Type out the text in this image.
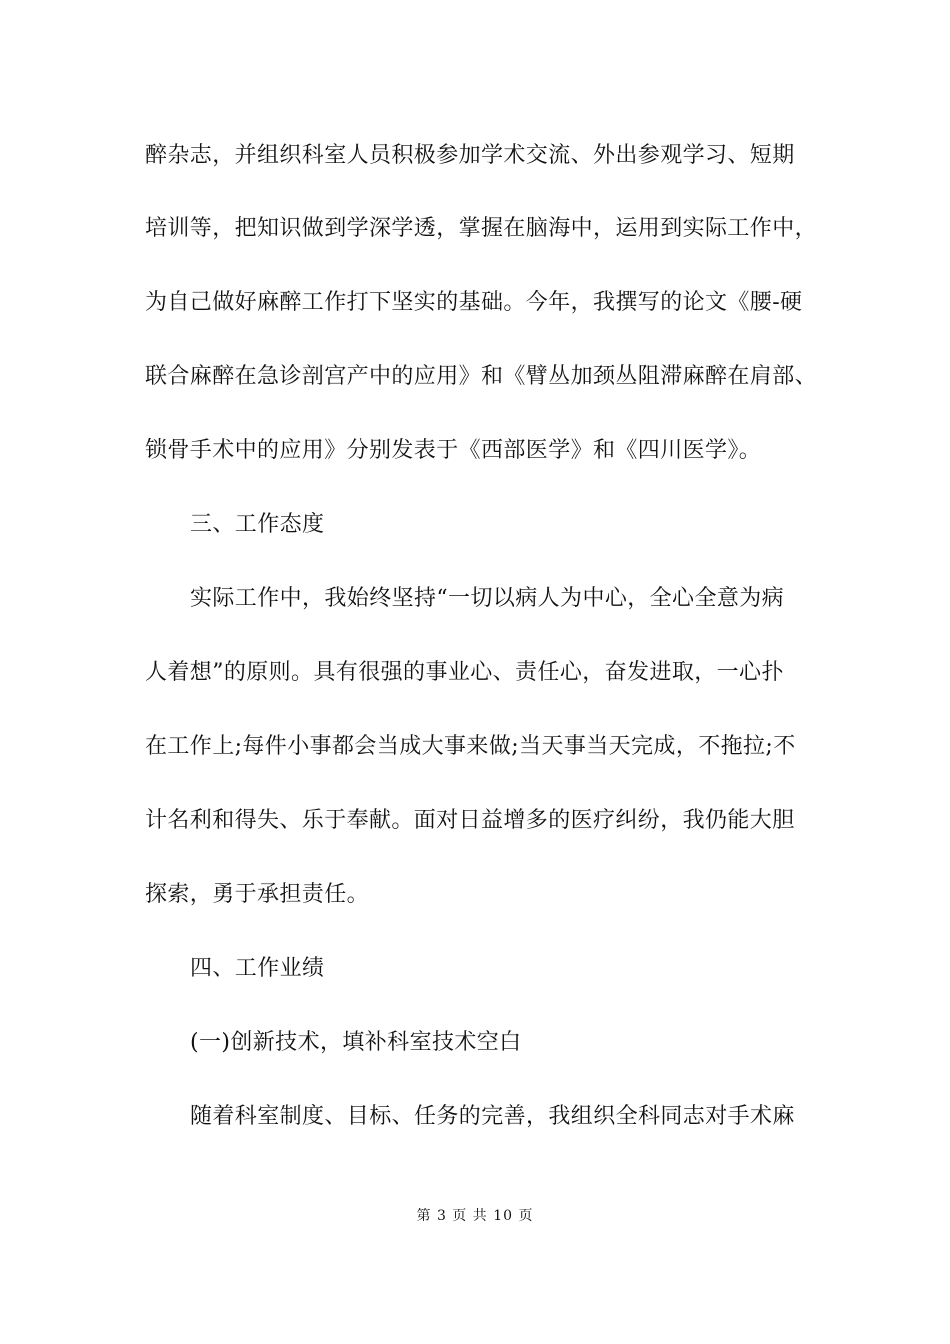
醉杂志，并组织科室人员积极参加学术交流、外出参观学习、短期
培训等，把知识做到学深学透，掌握在脑海中，运用到实际工作中，
为自己做好麻醉工作打下坚实的基础。今年，我撰写的论文《腰-硬
联合麻醉在急诊剖宫产中的应用》和《臂丛加颈丛阻滞麻醉在肩部、
锁骨手术中的应用》分别发表于《西部医学》和《四川医学》。
三、工作态度
实际工作中，我始终坚持“一切以病人为中心，全心全意为病
人着想”的原则。具有很强的事业心、责任心，奋发进取，一心扑
在工作上;每件小事都会当成大事来做;当天事当天完成，不拖拉;不
计名利和得失、乐于奉献。面对日益增多的医疗纠纷，我仍能大胆
探索，勇于承担责任。
四、工作业绩
(一)创新技术，填补科室技术空白
随着科室制度、目标、任务的完善，我组织全科同志对手术麻
第 3 页 共 10 页
